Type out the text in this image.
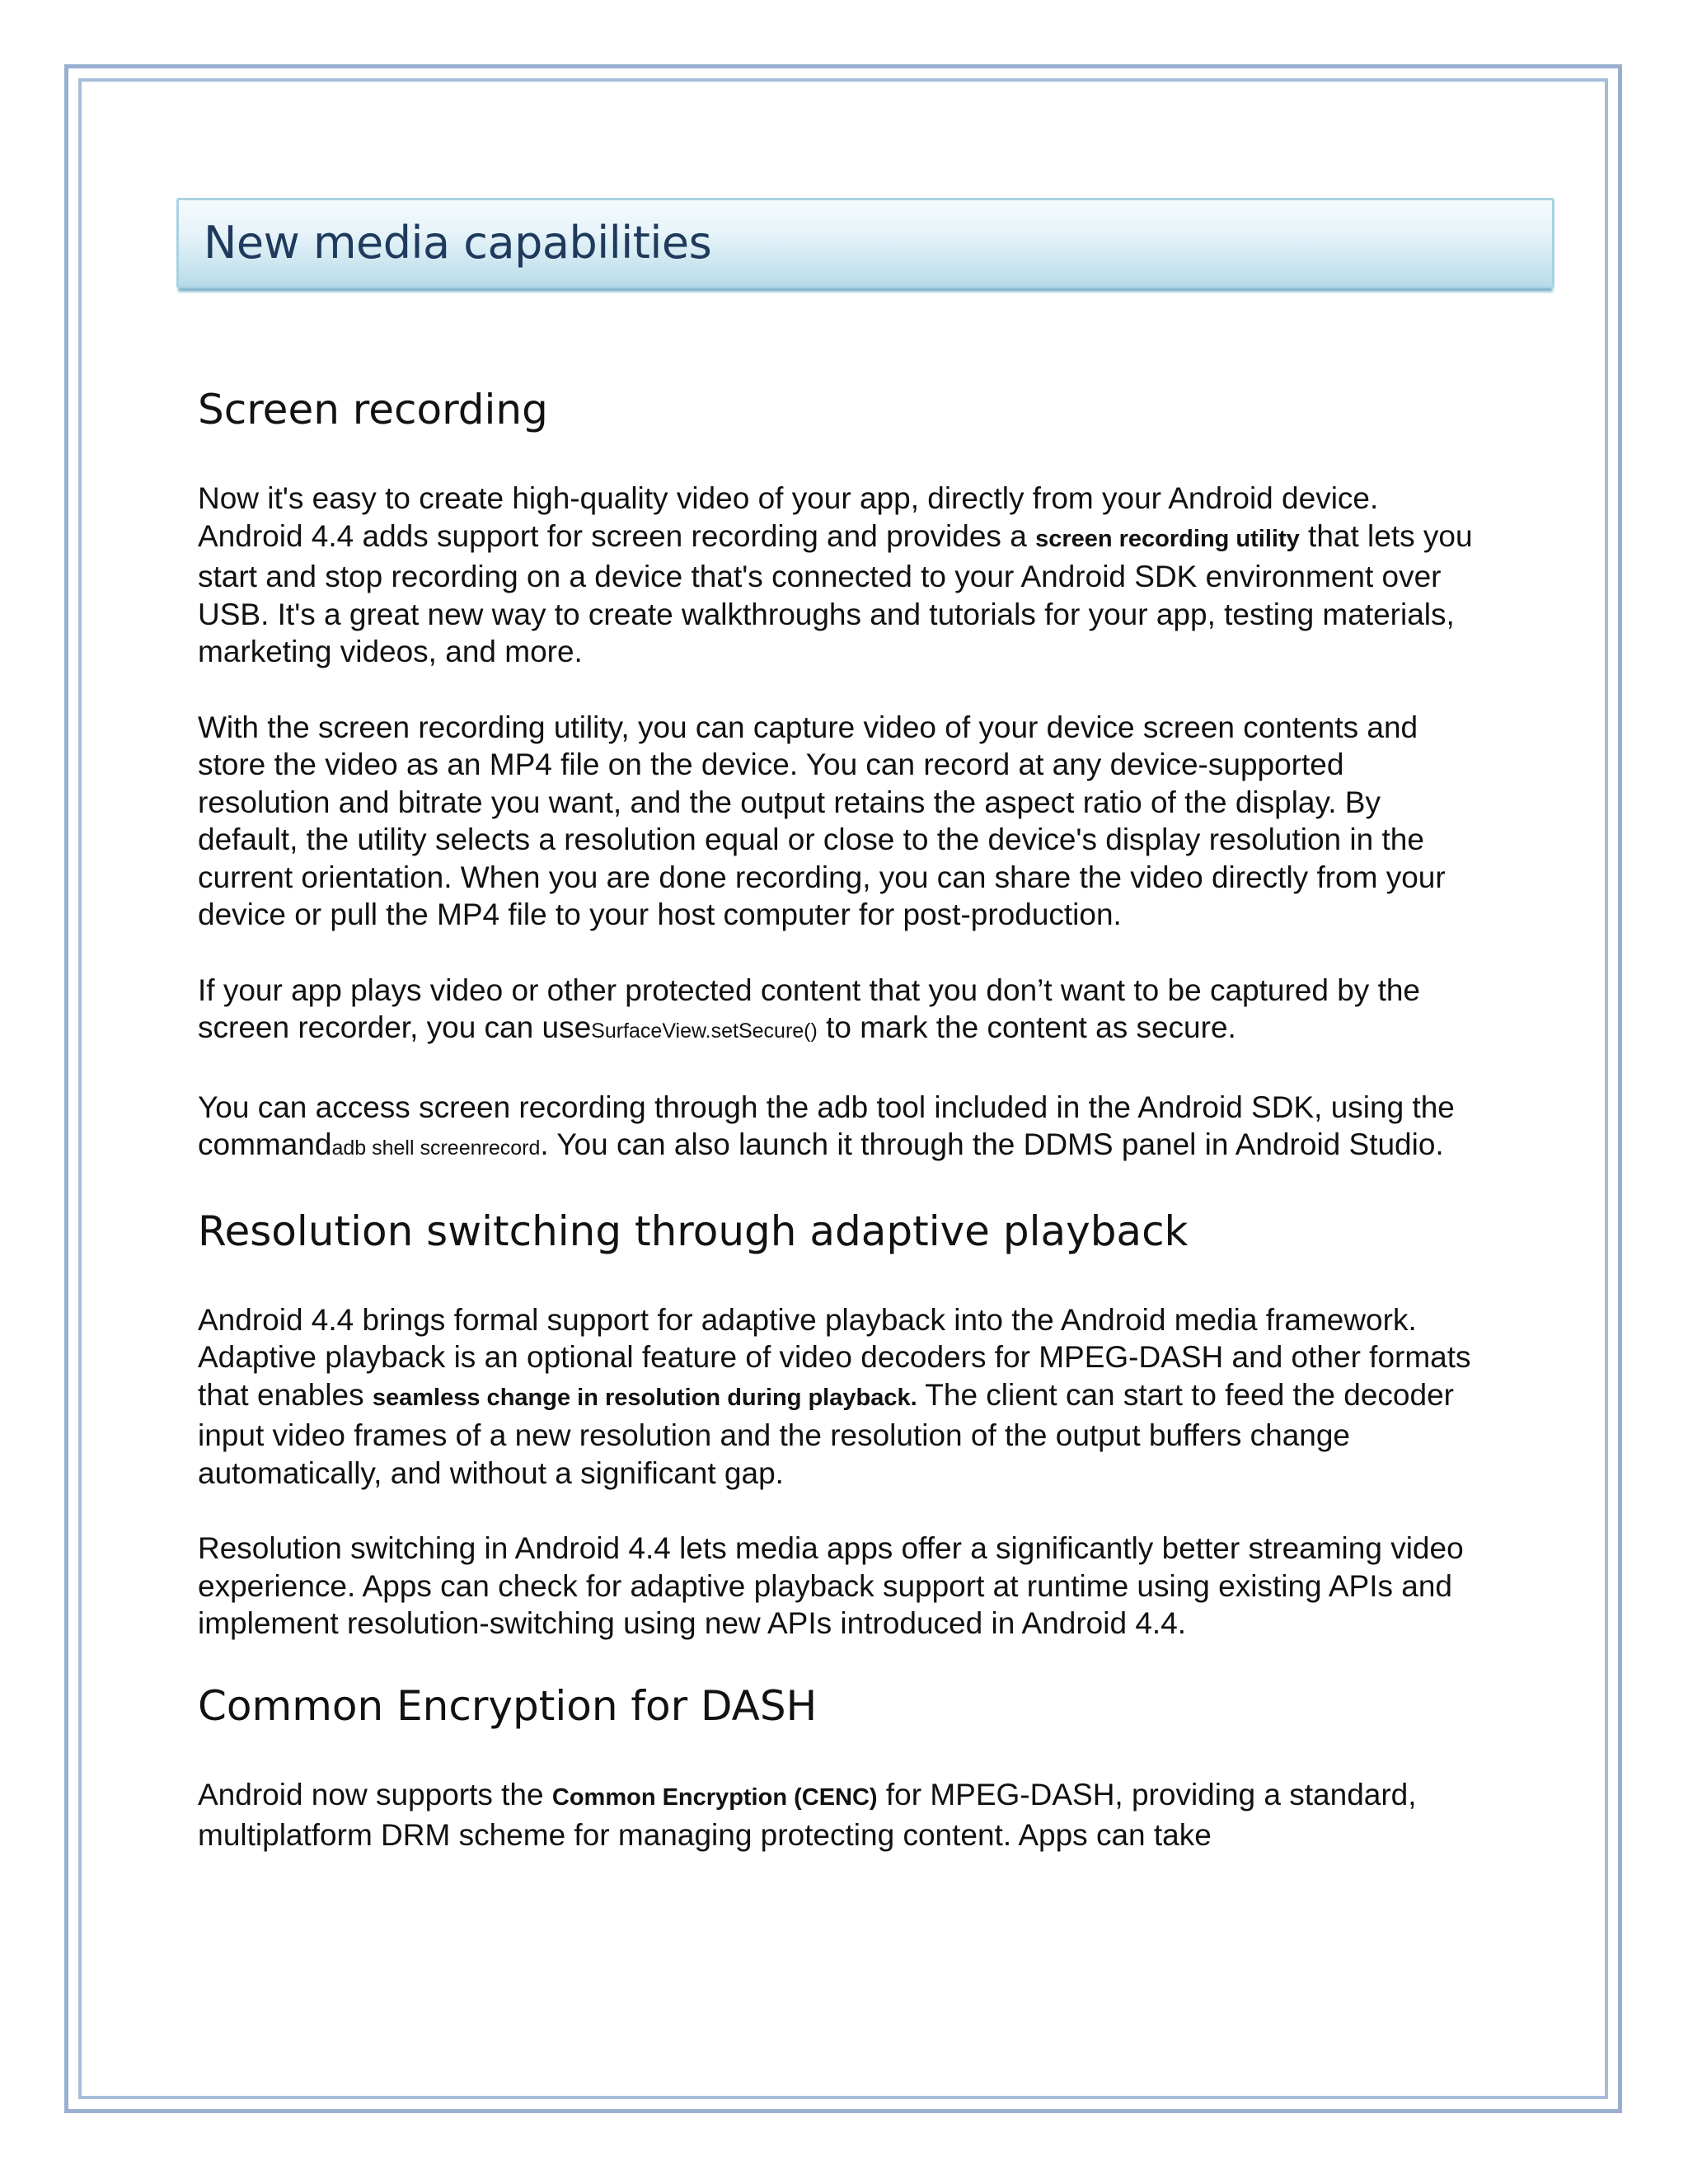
New media capabilities
Screen recording

Now it's easy to create high-quality video of your app, directly from your Android device. Android 4.4 adds support for screen recording and provides a screen recording utility that lets you start and stop recording on a device that's connected to your Android SDK environment over USB. It's a great new way to create walkthroughs and tutorials for your app, testing materials, marketing videos, and more.

With the screen recording utility, you can capture video of your device screen contents and store the video as an MP4 file on the device. You can record at any device-supported resolution and bitrate you want, and the output retains the aspect ratio of the display. By default, the utility selects a resolution equal or close to the device's display resolution in the current orientation. When you are done recording, you can share the video directly from your device or pull the MP4 file to your host computer for post-production.

If your app plays video or other protected content that you don’t want to be captured by the screen recorder, you can useSurfaceView.setSecure() to mark the content as secure.

You can access screen recording through the adb tool included in the Android SDK, using the commandadb shell screenrecord. You can also launch it through the DDMS panel in Android Studio.

Resolution switching through adaptive playback

Android 4.4 brings formal support for adaptive playback into the Android media framework. Adaptive playback is an optional feature of video decoders for MPEG-DASH and other formats that enables seamless change in resolution during playback. The client can start to feed the decoder input video frames of a new resolution and the resolution of the output buffers change automatically, and without a significant gap.

Resolution switching in Android 4.4 lets media apps offer a significantly better streaming video experience. Apps can check for adaptive playback support at runtime using existing APIs and implement resolution-switching using new APIs introduced in Android 4.4.

Common Encryption for DASH

Android now supports the Common Encryption (CENC) for MPEG-DASH, providing a standard, multiplatform DRM scheme for managing protecting content. Apps can take
